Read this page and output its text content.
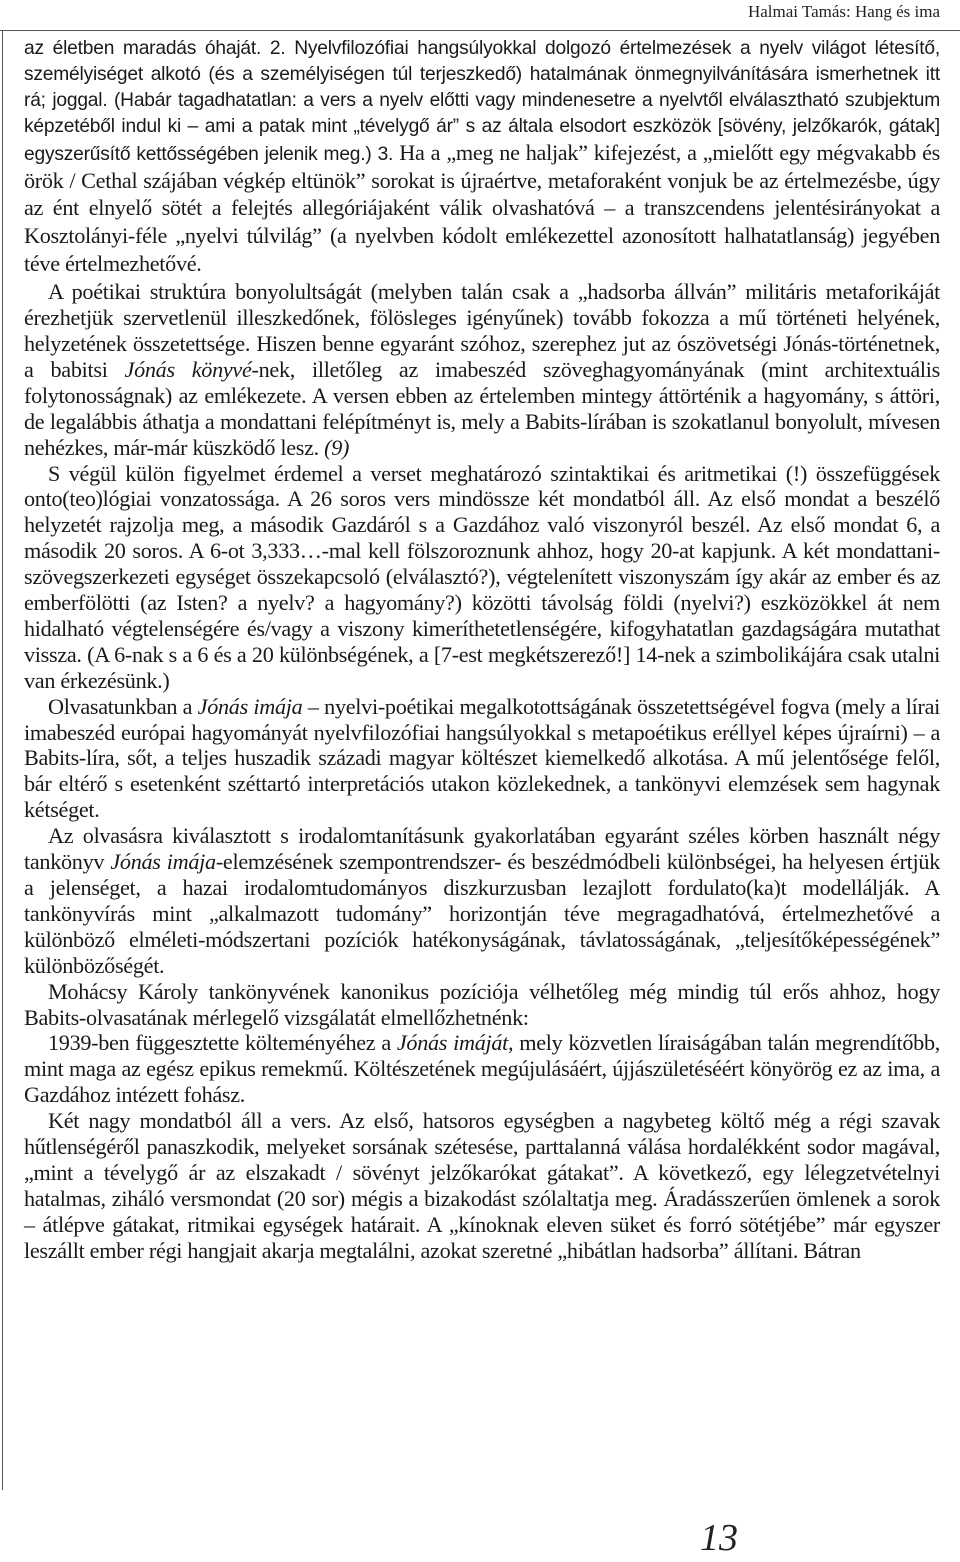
Halmai Tamás: Hang és ima

az életben maradás óhaját. 2. Nyelvfilozófiai hangsúlyokkal dolgozó értelmezések a nyelv világot létesítő, személyiséget alkotó (és a személyiségen túl terjeszkedő) hatalmának önmegnyilvánítására ismerhetnek itt rá; joggal. (Habár tagadhatatlan: a vers a nyelv előtti vagy mindenesetre a nyelvtől elválasztható szubjektum képzetéből indul ki – ami a patak mint „tévelygő ár” s az általa elsodort eszközök [sövény, jelzőkarók, gátak] egyszerűsítő kettősségében jelenik meg.) 3. Ha a „meg ne haljak” kifejezést, a „mielőtt egy mégvakabb és örök / Cethal szájában végkép eltünök” sorokat is újraértve, metaforaként vonjuk be az értelmezésbe, úgy az ént elnyelő sötét a felejtés allegóriájaként válik olvashatóvá – a transzcendens jelentésirányokat a Kosztolányi-féle „nyelvi túlvilág” (a nyelvben kódolt emlékezettel azonosított halhatatlanság) jegyében téve értelmezhetővé.

A poétikai struktúra bonyolultságát (melyben talán csak a „hadsorba állván” militáris metaforikáját érezhetjük szervetlenül illeszkedőnek, fölösleges igényűnek) tovább fokozza a mű történeti helyének, helyzetének összetettsége. Hiszen benne egyaránt szóhoz, szerephez jut az ószövetségi Jónás-történetnek, a babitsi Jónás könyvé-nek, illetőleg az imabeszéd szöveghagyományának (mint architextuális folytonosságnak) az emlékezete. A versen ebben az értelemben mintegy áttörténik a hagyomány, s áttöri, de legalábbis áthatja a mondattani felépítményt is, mely a Babits-lírában is szokatlanul bonyolult, mívesen nehézkes, már-már küszködő lesz. (9)

S végül külön figyelmet érdemel a verset meghatározó szintaktikai és aritmetikai (!) összefüggések onto(teo)lógiai vonzatossága. A 26 soros vers mindössze két mondatból áll. Az első mondat a beszélő helyzetét rajzolja meg, a második Gazdáról s a Gazdához való viszonyról beszél. Az első mondat 6, a második 20 soros. A 6-ot 3,333…-mal kell fölszoroznunk ahhoz, hogy 20-at kapjunk. A két mondattani-szövegszerkezeti egységet összekapcsoló (elválasztó?), végtelenített viszonyszám így akár az ember és az emberfölötti (az Isten? a nyelv? a hagyomány?) közötti távolság földi (nyelvi?) eszközökkel át nem hidalható végtelenségére és/vagy a viszony kimeríthetetlenségére, kifogyhatatlan gazdagságára mutathat vissza. (A 6-nak s a 6 és a 20 különbségének, a [7-est megkétszerező!] 14-nek a szimbolikájára csak utalni van érkezésünk.)

Olvasatunkban a Jónás imája – nyelvi-poétikai megalkotottságának összetettségével fogva (mely a lírai imabeszéd európai hagyományát nyelvfilozófiai hangsúlyokkal s metapoétikus eréllyel képes újraírni) – a Babits-líra, sőt, a teljes huszadik századi magyar költészet kiemelkedő alkotása. A mű jelentősége felől, bár eltérő s esetenként széttartó interpretációs utakon közlekednek, a tankönyvi elemzések sem hagynak kétséget.

Az olvasásra kiválasztott s irodalomtanításunk gyakorlatában egyaránt széles körben használt négy tankönyv Jónás imája-elemzésének szempontrendszer- és beszédmódbeli különbségei, ha helyesen értjük a jelenséget, a hazai irodalomtudományos diszkurzusban lezajlott fordulato(ka)t modellálják. A tankönyvírás mint „alkalmazott tudomány” horizontján téve megragadhatóvá, értelmezhetővé a különböző elméleti-módszertani pozíciók hatékonyságának, távlatosságának, „teljesítőképességének” különbözőségét.

Mohácsy Károly tankönyvének kanonikus pozíciója vélhetőleg még mindig túl erős ahhoz, hogy Babits-olvasatának mérlegelő vizsgálatát elmellőzhetnénk:

1939-ben függesztette költeményéhez a Jónás imáját, mely közvetlen líraiságában talán megrendítőbb, mint maga az egész epikus remekmű. Költészetének megújulásáért, újjászületéséért könyörög ez az ima, a Gazdához intézett fohász.

Két nagy mondatból áll a vers. Az első, hatsoros egységben a nagybeteg költő még a régi szavak hűtlenségéről panaszkodik, melyeket sorsának szétesése, parttalanná válása hordalékként sodor magával, „mint a tévelygő ár az elszakadt / sövényt jelzőkarókat gátakat”. A következő, egy lélegzetvételnyi hatalmas, ziháló versmondat (20 sor) mégis a bizakodást szólaltatja meg. Áradásszerűen ömlenek a sorok – átlépve gátakat, ritmikai egységek határait. A „kínoknak eleven süket és forró sötétjébe” már egyszer leszállt ember régi hangjait akarja megtalálni, azokat szeretné „hibátlan hadsorba” állítani. Bátran

13
